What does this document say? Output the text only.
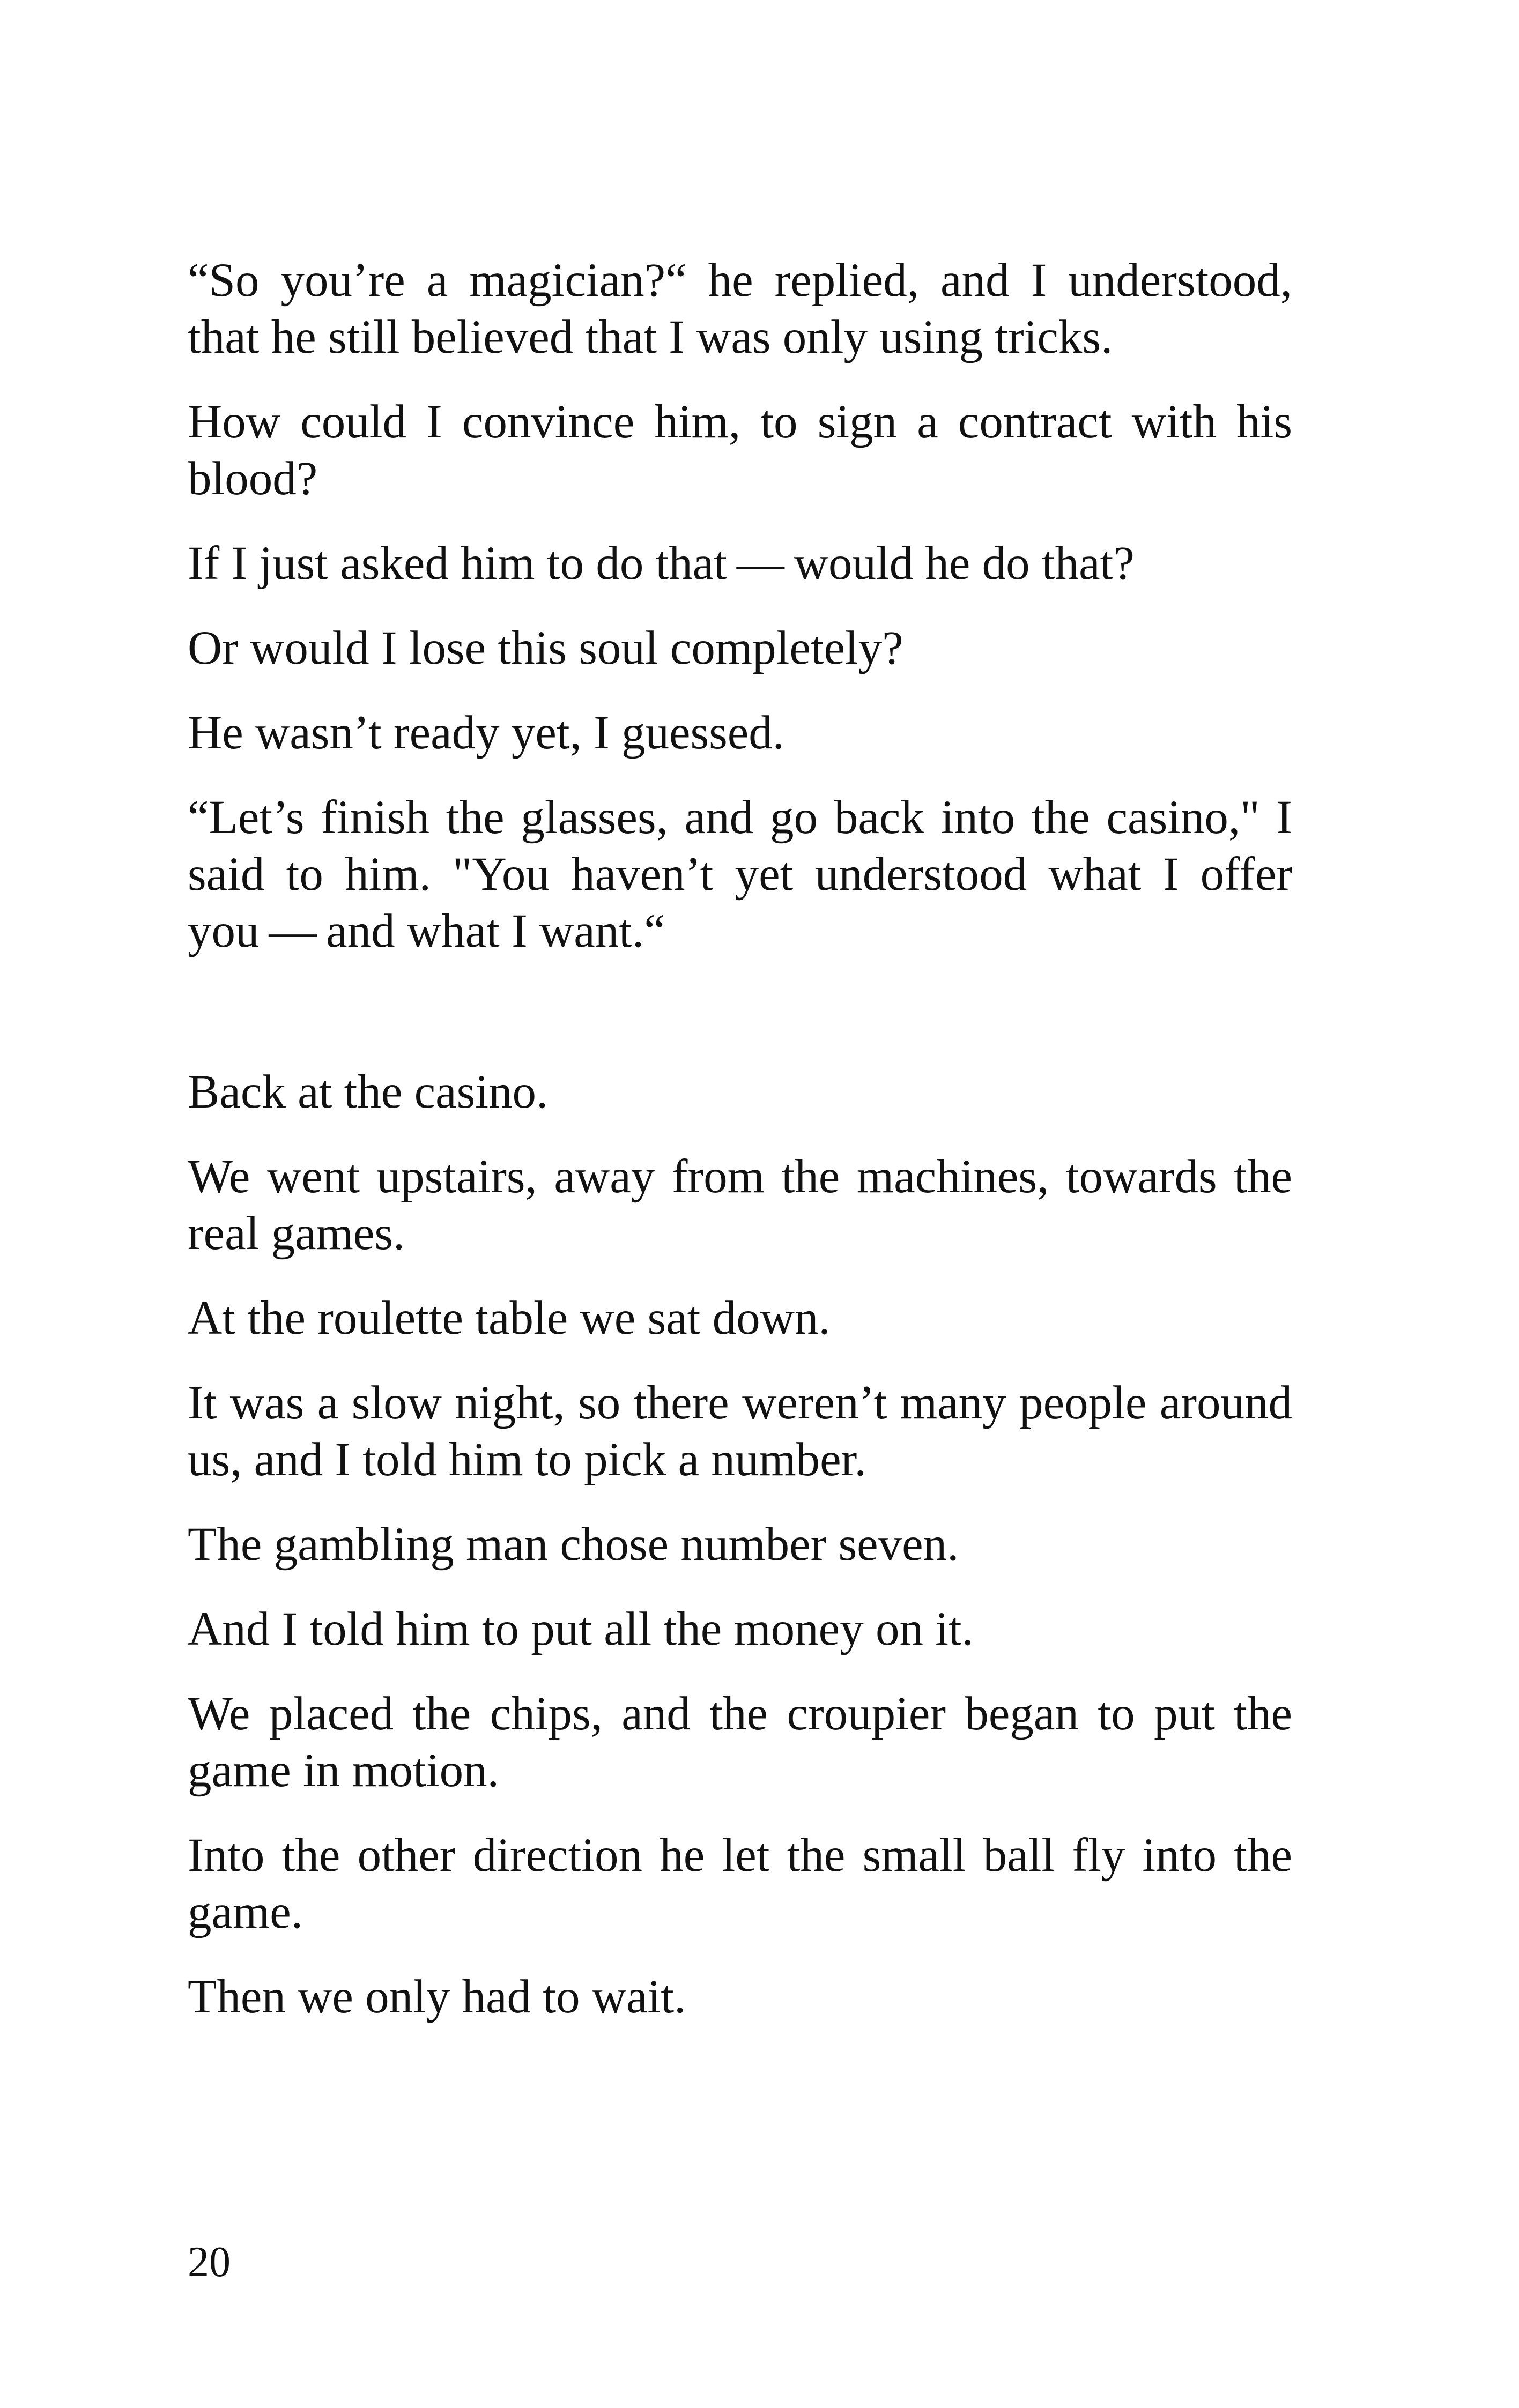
“So you’re a magician?“ he replied, and I understood, that he still believed that I was only using tricks.

How could I convince him, to sign a contract with his blood?

If I just asked him to do that — would he do that?

Or would I lose this soul completely?

He wasn’t ready yet, I guessed.

“Let’s finish the glasses, and go back into the casino," I said to him. "You haven’t yet understood what I offer you — and what I want.“

Back at the casino.

We went upstairs, away from the machines, towards the real games.

At the roulette table we sat down.

It was a slow night, so there weren’t many people around us, and I told him to pick a number.

The gambling man chose number seven.

And I told him to put all the money on it.

We placed the chips, and the croupier began to put the game in motion.

Into the other direction he let the small ball fly into the game.

Then we only had to wait.

20
